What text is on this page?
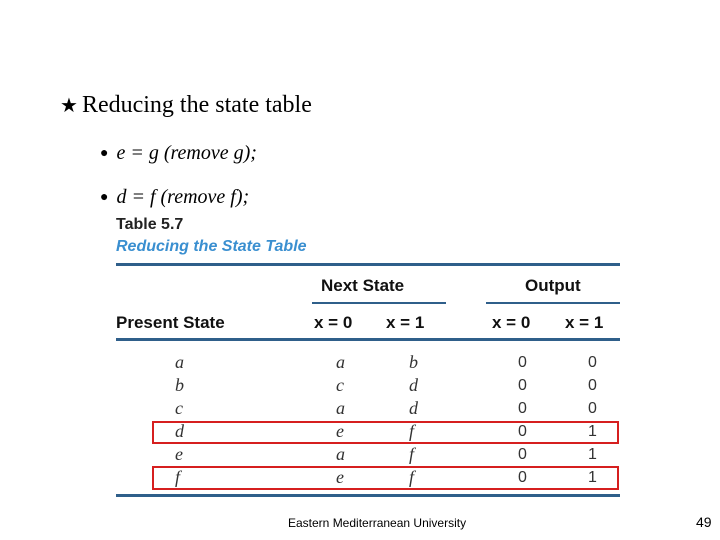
★ Reducing the state table
● e = g (remove g);
● d = f (remove f);
Table 5.7
Reducing the State Table
Next State	Output
Present State	x = 0 x = 1	x = 0 x = 1
a	a	b	0	0
b	c	d	0	0
c	a	d	0	0
d	e	f	0	1
e	a	f	0	1
f	e	f	0	1
Eastern Mediterranean University	49
